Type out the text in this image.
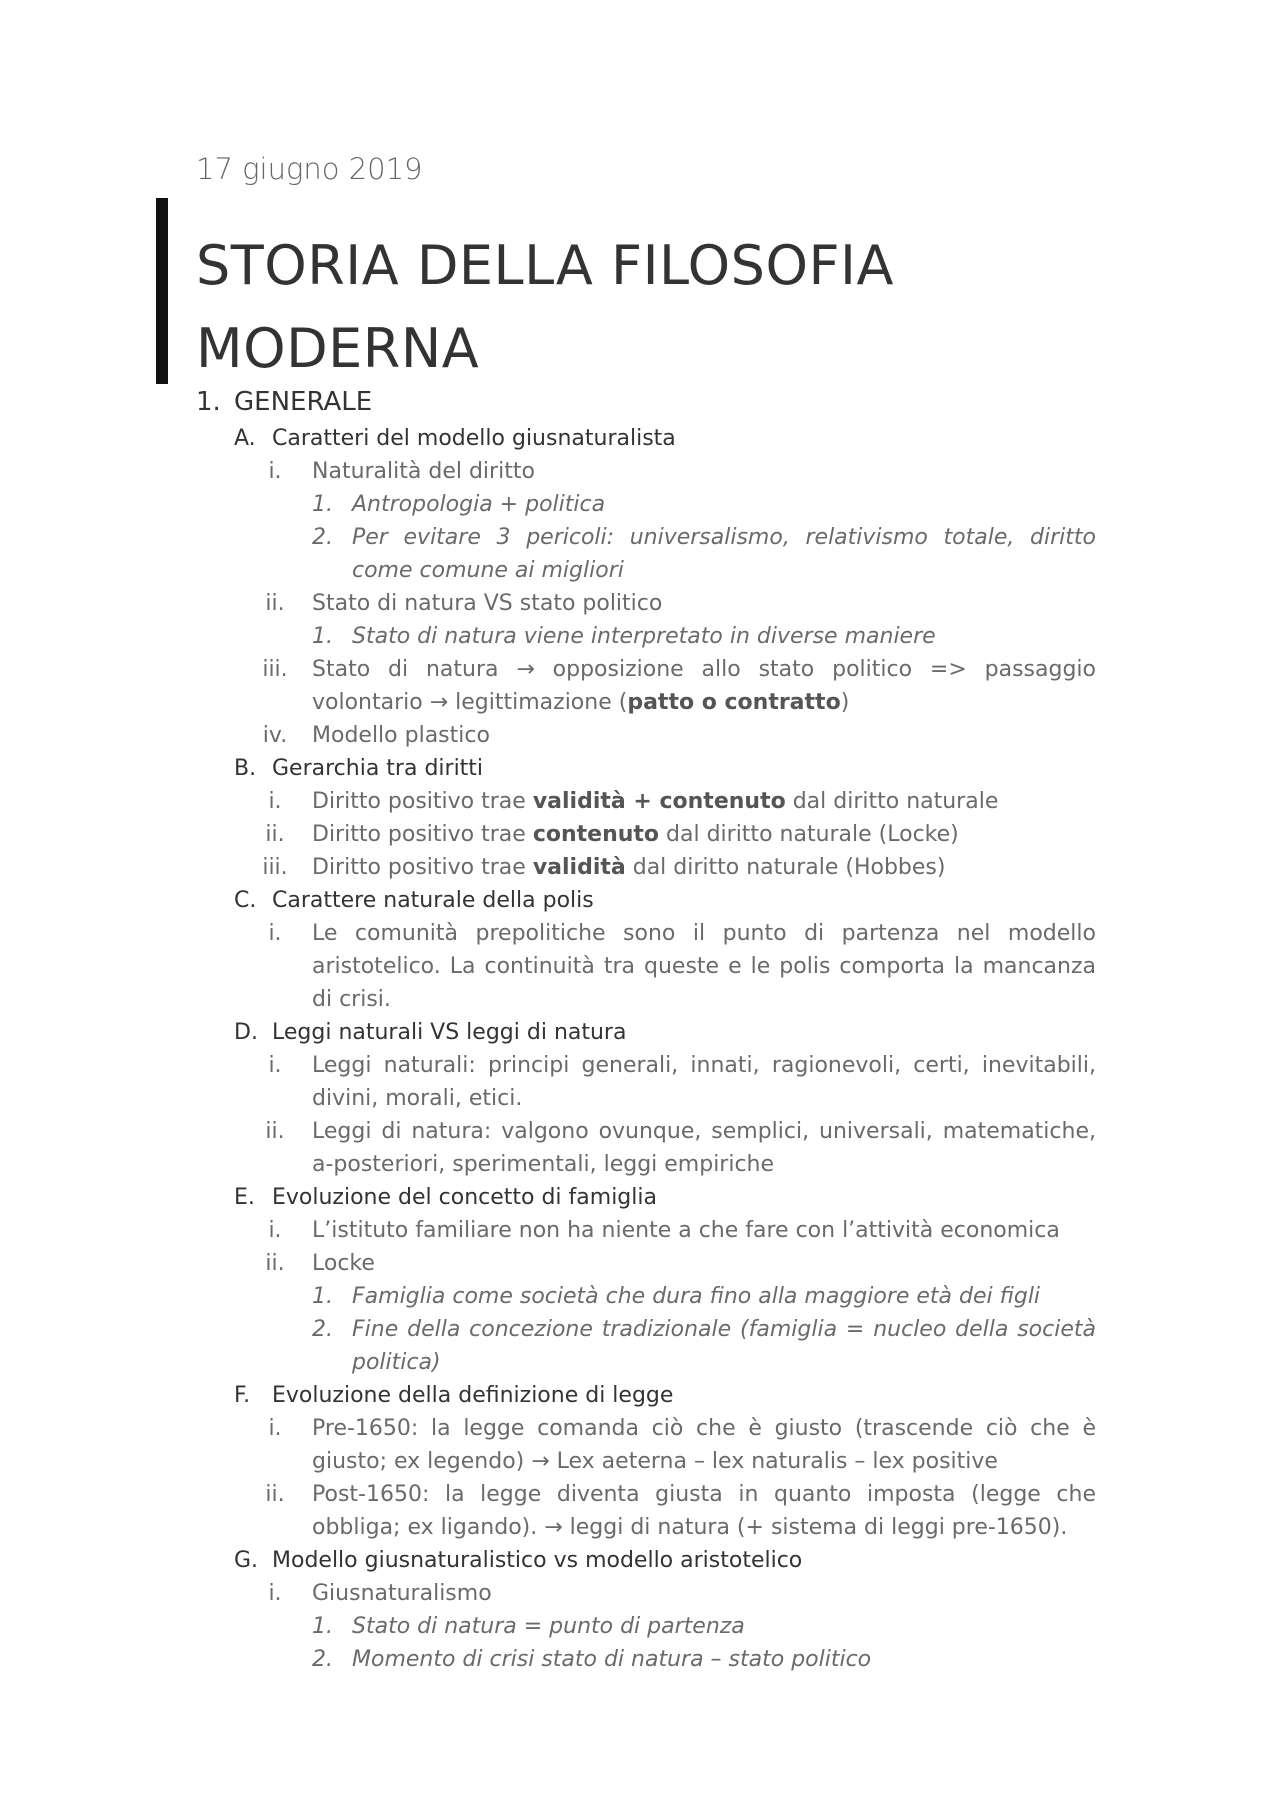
17 giugno 2019
STORIA DELLA FILOSOFIA
MODERNA
1. GENERALE
A. Caratteri del modello giusnaturalista
i.	Naturalità del diritto
1. Antropologia + politica
2. Per evitare 3 pericoli: universalismo, relativismo totale, diritto come comune ai migliori
ii.	Stato di natura VS stato politico
1. Stato di natura viene interpretato in diverse maniere
iii.	Stato di natura → opposizione allo stato politico => passaggio volontario → legittimazione (patto o contratto)
iv.	Modello plastico
B. Gerarchia tra diritti
i.	Diritto positivo trae validità + contenuto dal diritto naturale
ii.	Diritto positivo trae contenuto dal diritto naturale (Locke)
iii.	Diritto positivo trae validità dal diritto naturale (Hobbes)
C. Carattere naturale della polis
i.	Le comunità prepolitiche sono il punto di partenza nel modello aristotelico. La continuità tra queste e le polis comporta la mancanza di crisi.
D. Leggi naturali VS leggi di natura
i.	Leggi naturali: principi generali, innati, ragionevoli, certi, inevitabili, divini, morali, etici.
ii.	Leggi di natura: valgono ovunque, semplici, universali, matematiche, a-posteriori, sperimentali, leggi empiriche
E. Evoluzione del concetto di famiglia
i.	L’istituto familiare non ha niente a che fare con l’attività economica
ii.	Locke
1. Famiglia come società che dura fino alla maggiore età dei figli
2. Fine della concezione tradizionale (famiglia = nucleo della società politica)
F. Evoluzione della definizione di legge
i.	Pre-1650: la legge comanda ciò che è giusto (trascende ciò che è giusto; ex legendo) → Lex aeterna – lex naturalis – lex positive
ii.	Post-1650: la legge diventa giusta in quanto imposta (legge che obbliga; ex ligando). → leggi di natura (+ sistema di leggi pre-1650).
G. Modello giusnaturalistico vs modello aristotelico
i.	Giusnaturalismo
1. Stato di natura = punto di partenza
2. Momento di crisi stato di natura – stato politico
